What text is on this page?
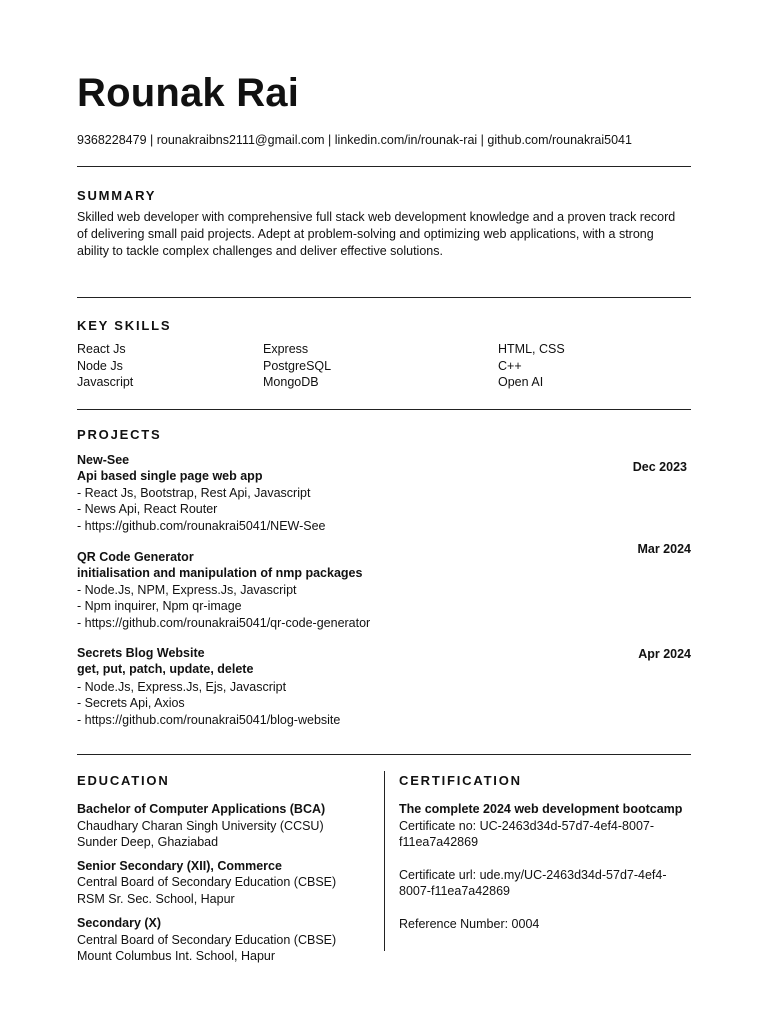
Rounak Rai
9368228479 | rounakraibns2111@gmail.com | linkedin.com/in/rounak-rai | github.com/rounakrai5041
SUMMARY
Skilled web developer with comprehensive full stack web development knowledge and a proven track record of delivering small paid projects. Adept at problem-solving and optimizing web applications, with a strong ability to tackle complex challenges and deliver effective solutions.
KEY SKILLS
React Js
Node Js
Javascript
Express
PostgreSQL
MongoDB
HTML, CSS
C++
Open AI
PROJECTS
Dec 2023
New-See
Api based single page web app
- React Js, Bootstrap, Rest Api, Javascript
- News Api, React Router
- https://github.com/rounakrai5041/NEW-See
Mar 2024
QR Code Generator
initialisation and manipulation of nmp packages
- Node.Js, NPM, Express.Js, Javascript
- Npm inquirer, Npm qr-image
- https://github.com/rounakrai5041/qr-code-generator
Apr 2024
Secrets Blog Website
get, put, patch, update, delete
- Node.Js, Express.Js, Ejs, Javascript
- Secrets Api, Axios
- https://github.com/rounakrai5041/blog-website
EDUCATION
Bachelor of Computer Applications (BCA)
Chaudhary Charan Singh University (CCSU)
Sunder Deep, Ghaziabad
Senior Secondary (XII), Commerce
Central Board of Secondary Education (CBSE)
RSM Sr. Sec. School, Hapur
Secondary (X)
Central Board of Secondary Education (CBSE)
Mount Columbus Int. School, Hapur
CERTIFICATION
The complete 2024 web development bootcamp
Certificate no: UC-2463d34d-57d7-4ef4-8007-
f11ea7a42869
Certificate url: ude.my/UC-2463d34d-57d7-4ef4-
8007-f11ea7a42869
Reference Number: 0004
